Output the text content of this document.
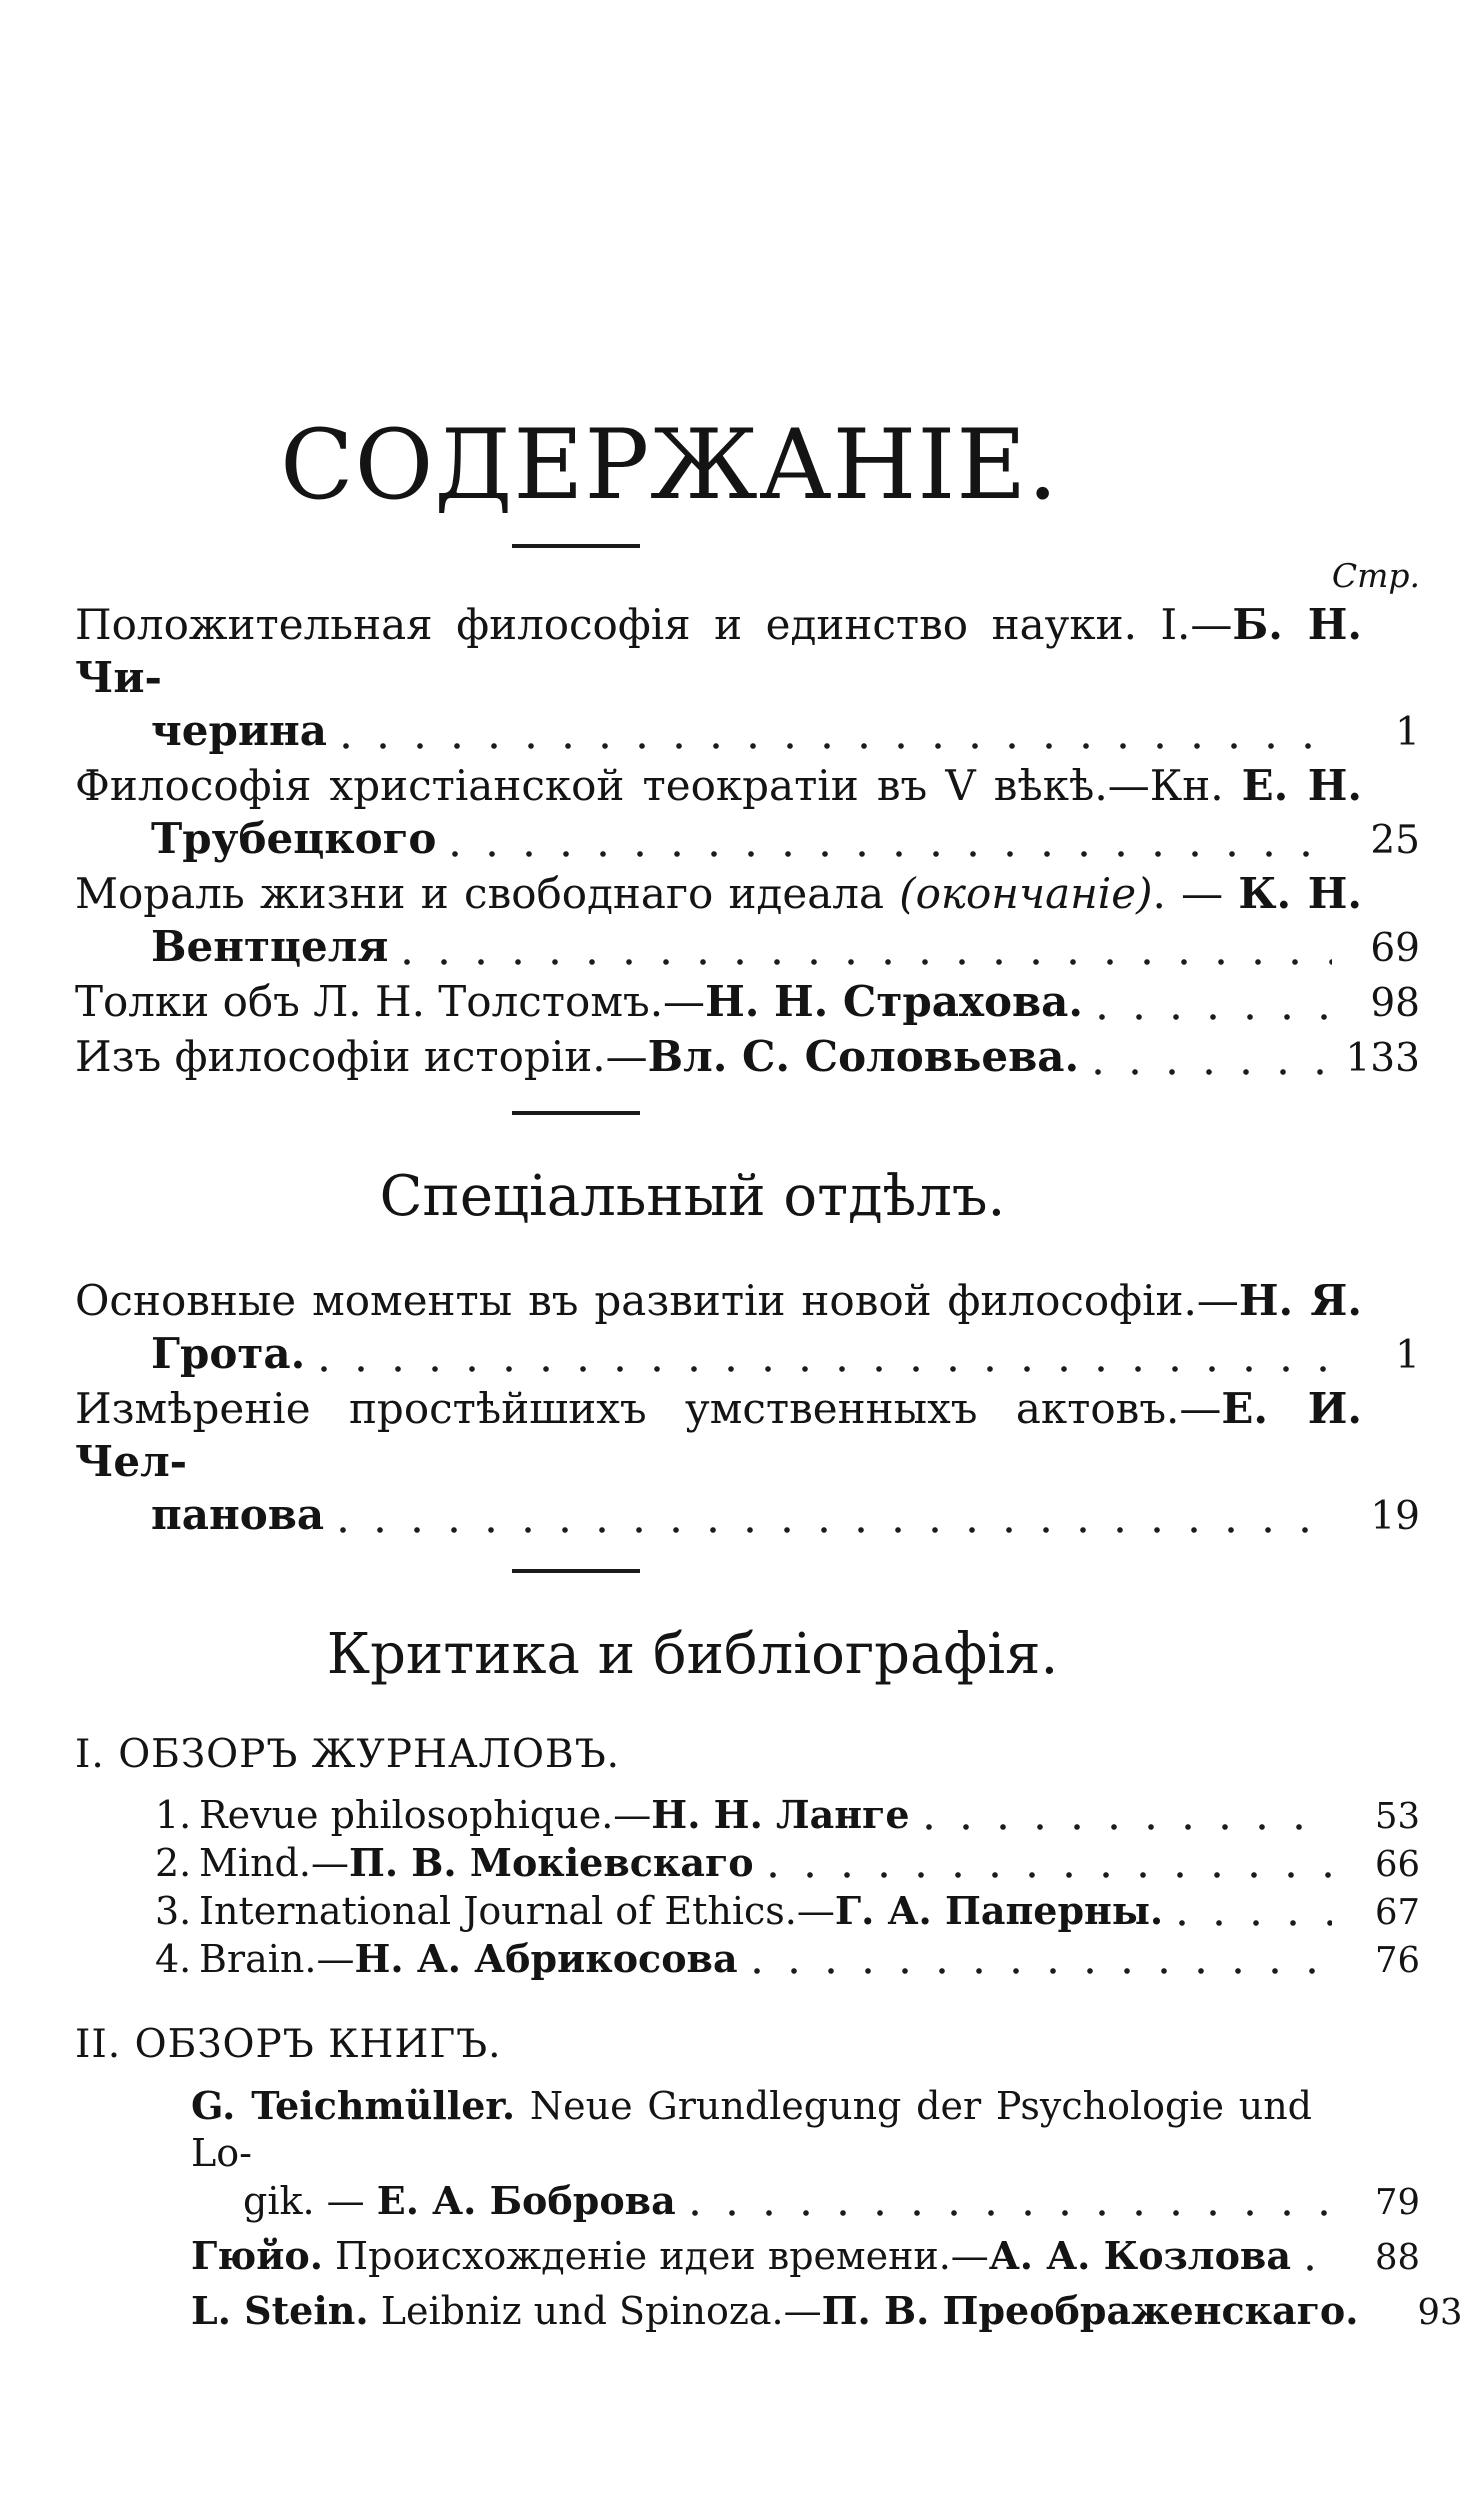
СОДЕРЖАНІЕ.
Стр.
Положительная философія и единство науки. І.—Б. Н. Чи-
черина	1
Философія христіанской теократіи въ V вѣкѣ.—Кн. Е. Н.
Трубецкого	25
Мораль жизни и свободнаго идеала (окончаніе). — К. Н.
Вентцеля	69
Толки объ Л. Н. Толстомъ.—Н. Н. Страхова.	98
Изъ философіи исторіи.—Вл. С. Соловьева.	133
Спеціальный отдѣлъ.
Основные моменты въ развитіи новой философіи.—Н. Я.
Грота.	1
Измѣреніе простѣйшихъ умственныхъ актовъ.—Е. И. Чел-
панова	19
Критика и библіографія.
I. ОБЗОРЪ ЖУРНАЛОВЪ.
1. Revue philosophique.—Н. Н. Ланге	53
2. Mind.—П. В. Мокіевскаго	66
3. International Journal of Ethics.—Г. А. Паперны.	67
4. Brain.—Н. А. Абрикосова	76
II. ОБЗОРЪ КНИГЪ.
G. Teichmüller. Neue Grundlegung der Psychologie und Lo-
gik. — Е. А. Боброва	79
Гюйо. Происхожденіе идеи времени.—А. А. Козлова	88
L. Stein. Leibniz und Spinoza.—П. В. Преображенскаго.	93
